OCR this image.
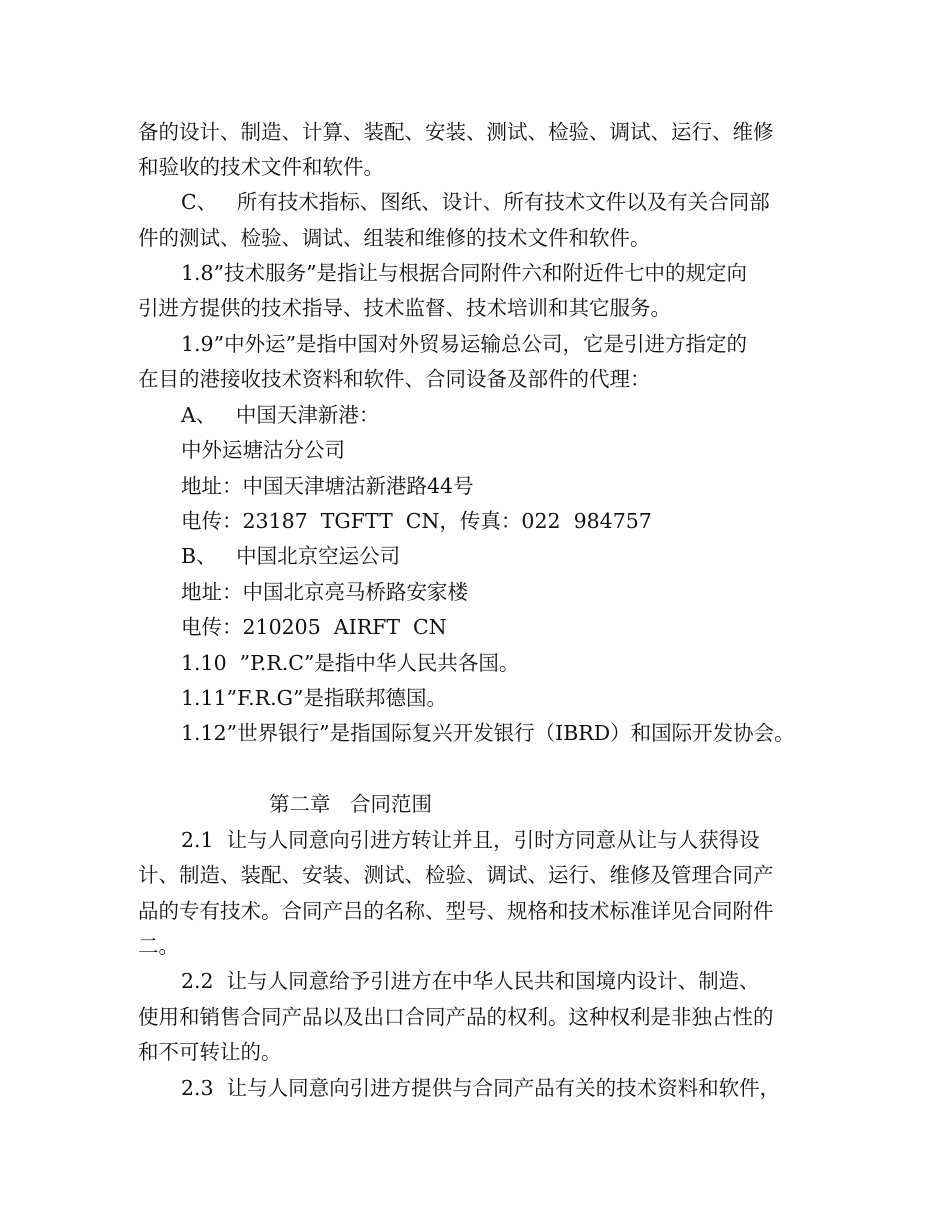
备的设计、制造、计算、装配、安装、测试、检验、调试、运行、维修
和验收的技术文件和软件。
C、   所有技术指标、图纸、设计、所有技术文件以及有关合同部
件的测试、检验、调试、组装和维修的技术文件和软件。
1.8”技术服务”是指让与根据合同附件六和附近件七中的规定向
引进方提供的技术指导、技术监督、技术培训和其它服务。
1.9”中外运”是指中国对外贸易运输总公司，它是引进方指定的
在目的港接收技术资料和软件、合同设备及部件的代理：
A、   中国天津新港：
中外运塘沽分公司
地址：中国天津塘沽新港路44号
电传：23187  TGFTT  CN，传真：022  984757
B、   中国北京空运公司
地址：中国北京亮马桥路安家楼
电传：210205  AIRFT  CN
1.10  ”P.R.C”是指中华人民共各国。
1.11”F.R.G”是指联邦德国。
1.12”世界银行”是指国际复兴开发银行（IBRD）和国际开发协会。
第二章   合同范围
2.1  让与人同意向引进方转让并且，引时方同意从让与人获得设
计、制造、装配、安装、测试、检验、调试、运行、维修及管理合同产
品的专有技术。合同产吕的名称、型号、规格和技术标准详见合同附件
二。
2.2  让与人同意给予引进方在中华人民共和国境内设计、制造、
使用和销售合同产品以及出口合同产品的权利。这种权利是非独占性的
和不可转让的。
2.3  让与人同意向引进方提供与合同产品有关的技术资料和软件，
